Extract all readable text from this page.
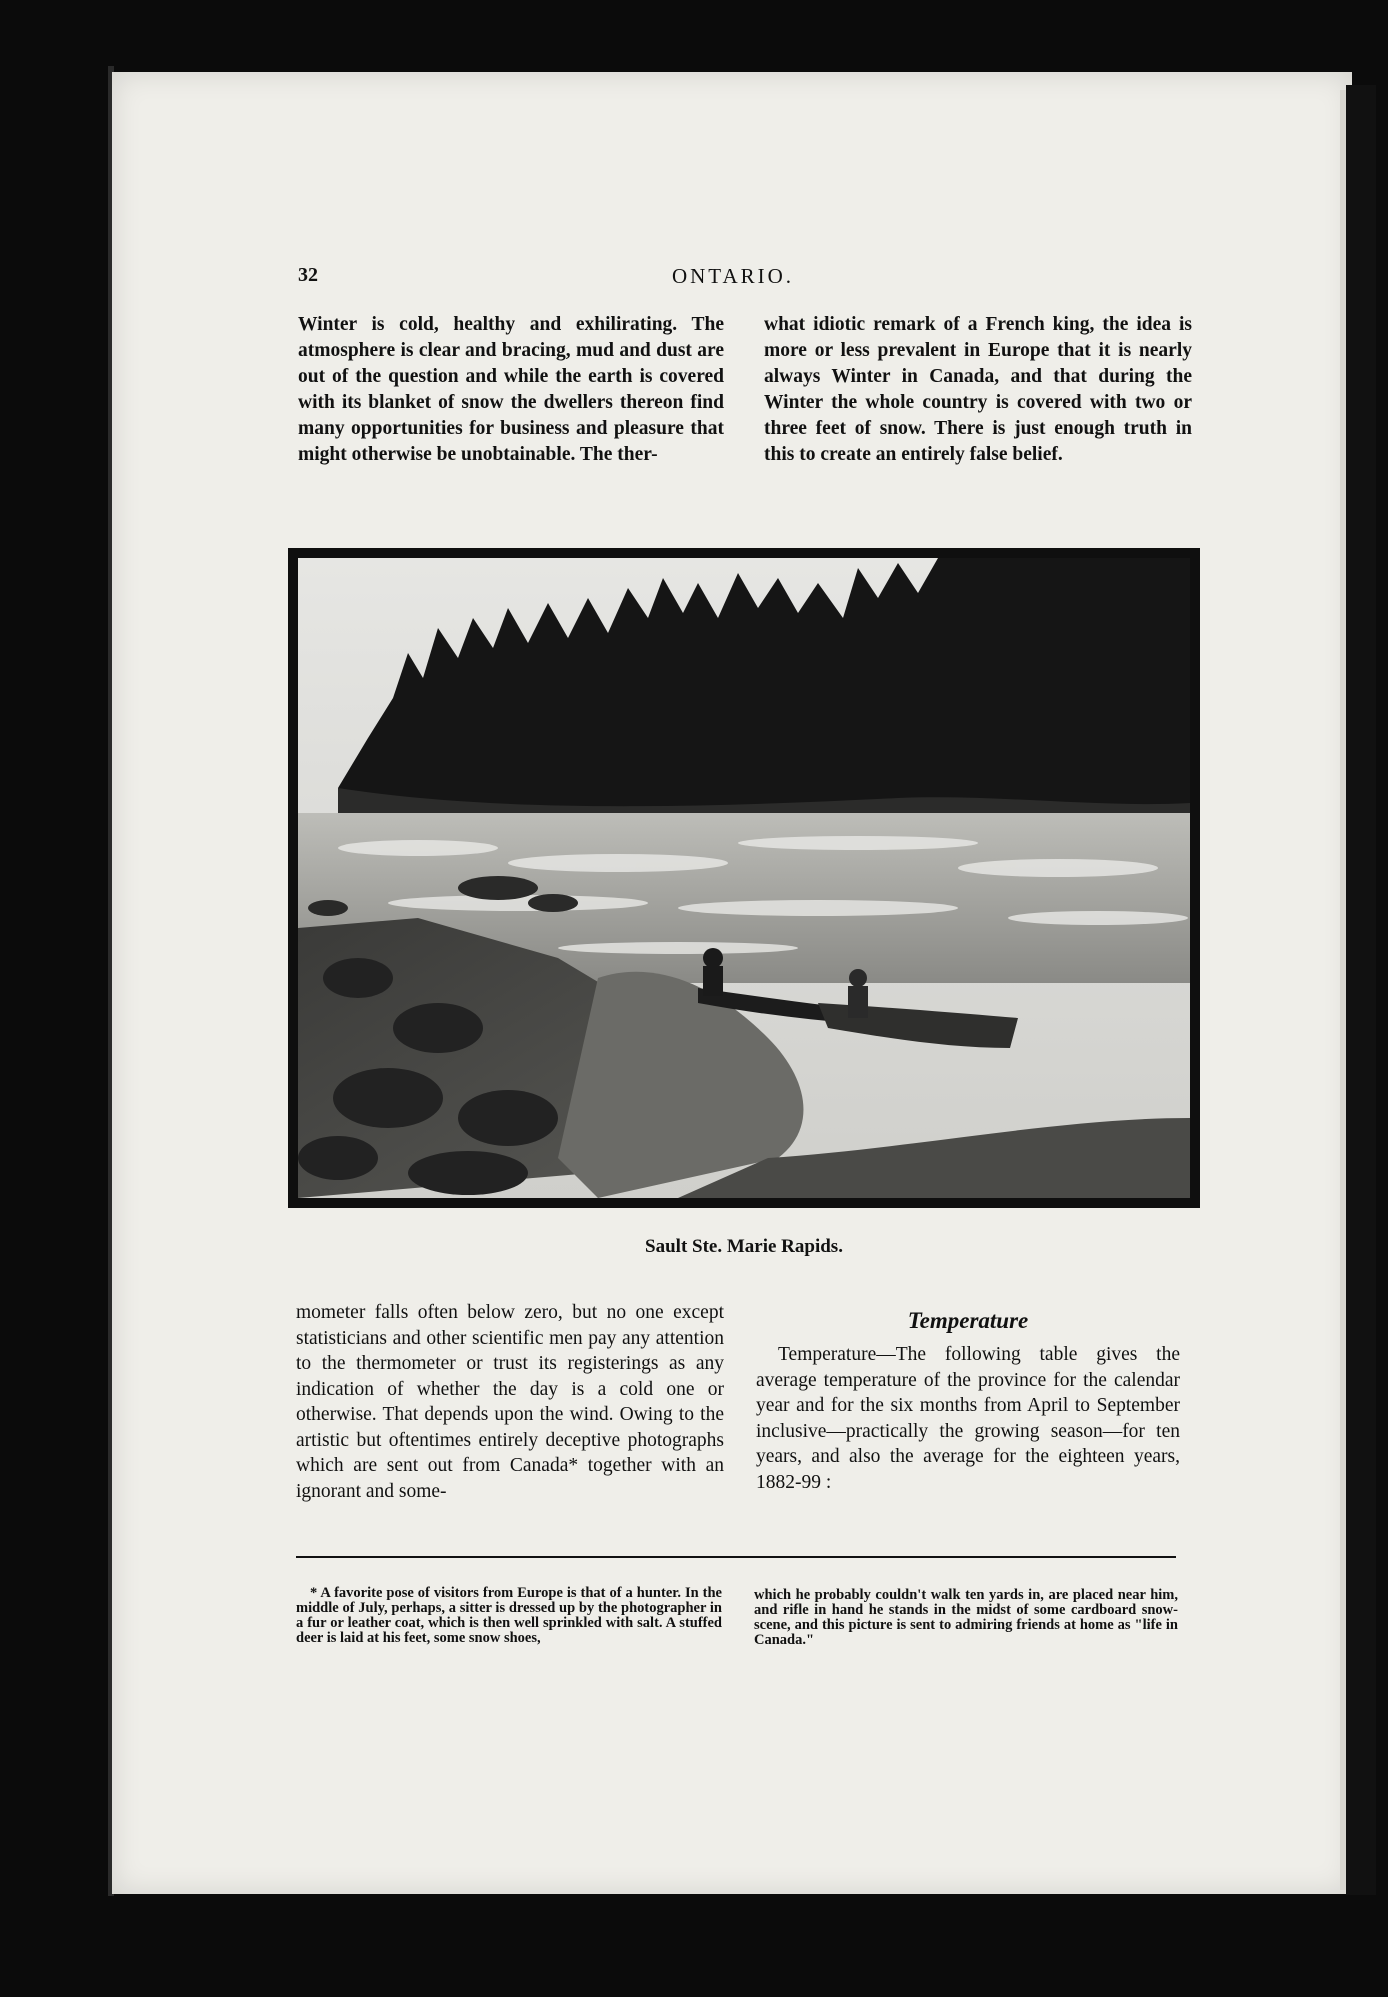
32	ONTARIO.
Winter is cold, healthy and exhilirating. The atmosphere is clear and bracing, mud and dust are out of the question and while the earth is covered with its blanket of snow the dwellers thereon find many opportunities for business and pleasure that might otherwise be unobtainable. The ther-
what idiotic remark of a French king, the idea is more or less prevalent in Europe that it is nearly always Winter in Canada, and that during the Winter the whole country is covered with two or three feet of snow. There is just enough truth in this to create an entirely false belief.
Sault Ste. Marie Rapids.
mometer falls often below zero, but no one except statisticians and other scientific men pay any attention to the thermometer or trust its registerings as any indication of whether the day is a cold one or otherwise. That depends upon the wind. Owing to the artistic but oftentimes entirely deceptive photographs which are sent out from Canada* together with an ignorant and some-
Temperature
Temperature—The following table gives the average temperature of the province for the calendar year and for the six months from April to September inclusive—practically the growing season—for ten years, and also the average for the eighteen years, 1882-99 :
* A favorite pose of visitors from Europe is that of a hunter. In the middle of July, perhaps, a sitter is dressed up by the photographer in a fur or leather coat, which is then well sprinkled with salt. A stuffed deer is laid at his feet, some snow shoes,
which he probably couldn't walk ten yards in, are placed near him, and rifle in hand he stands in the midst of some cardboard snow-scene, and this picture is sent to admiring friends at home as "life in Canada."
